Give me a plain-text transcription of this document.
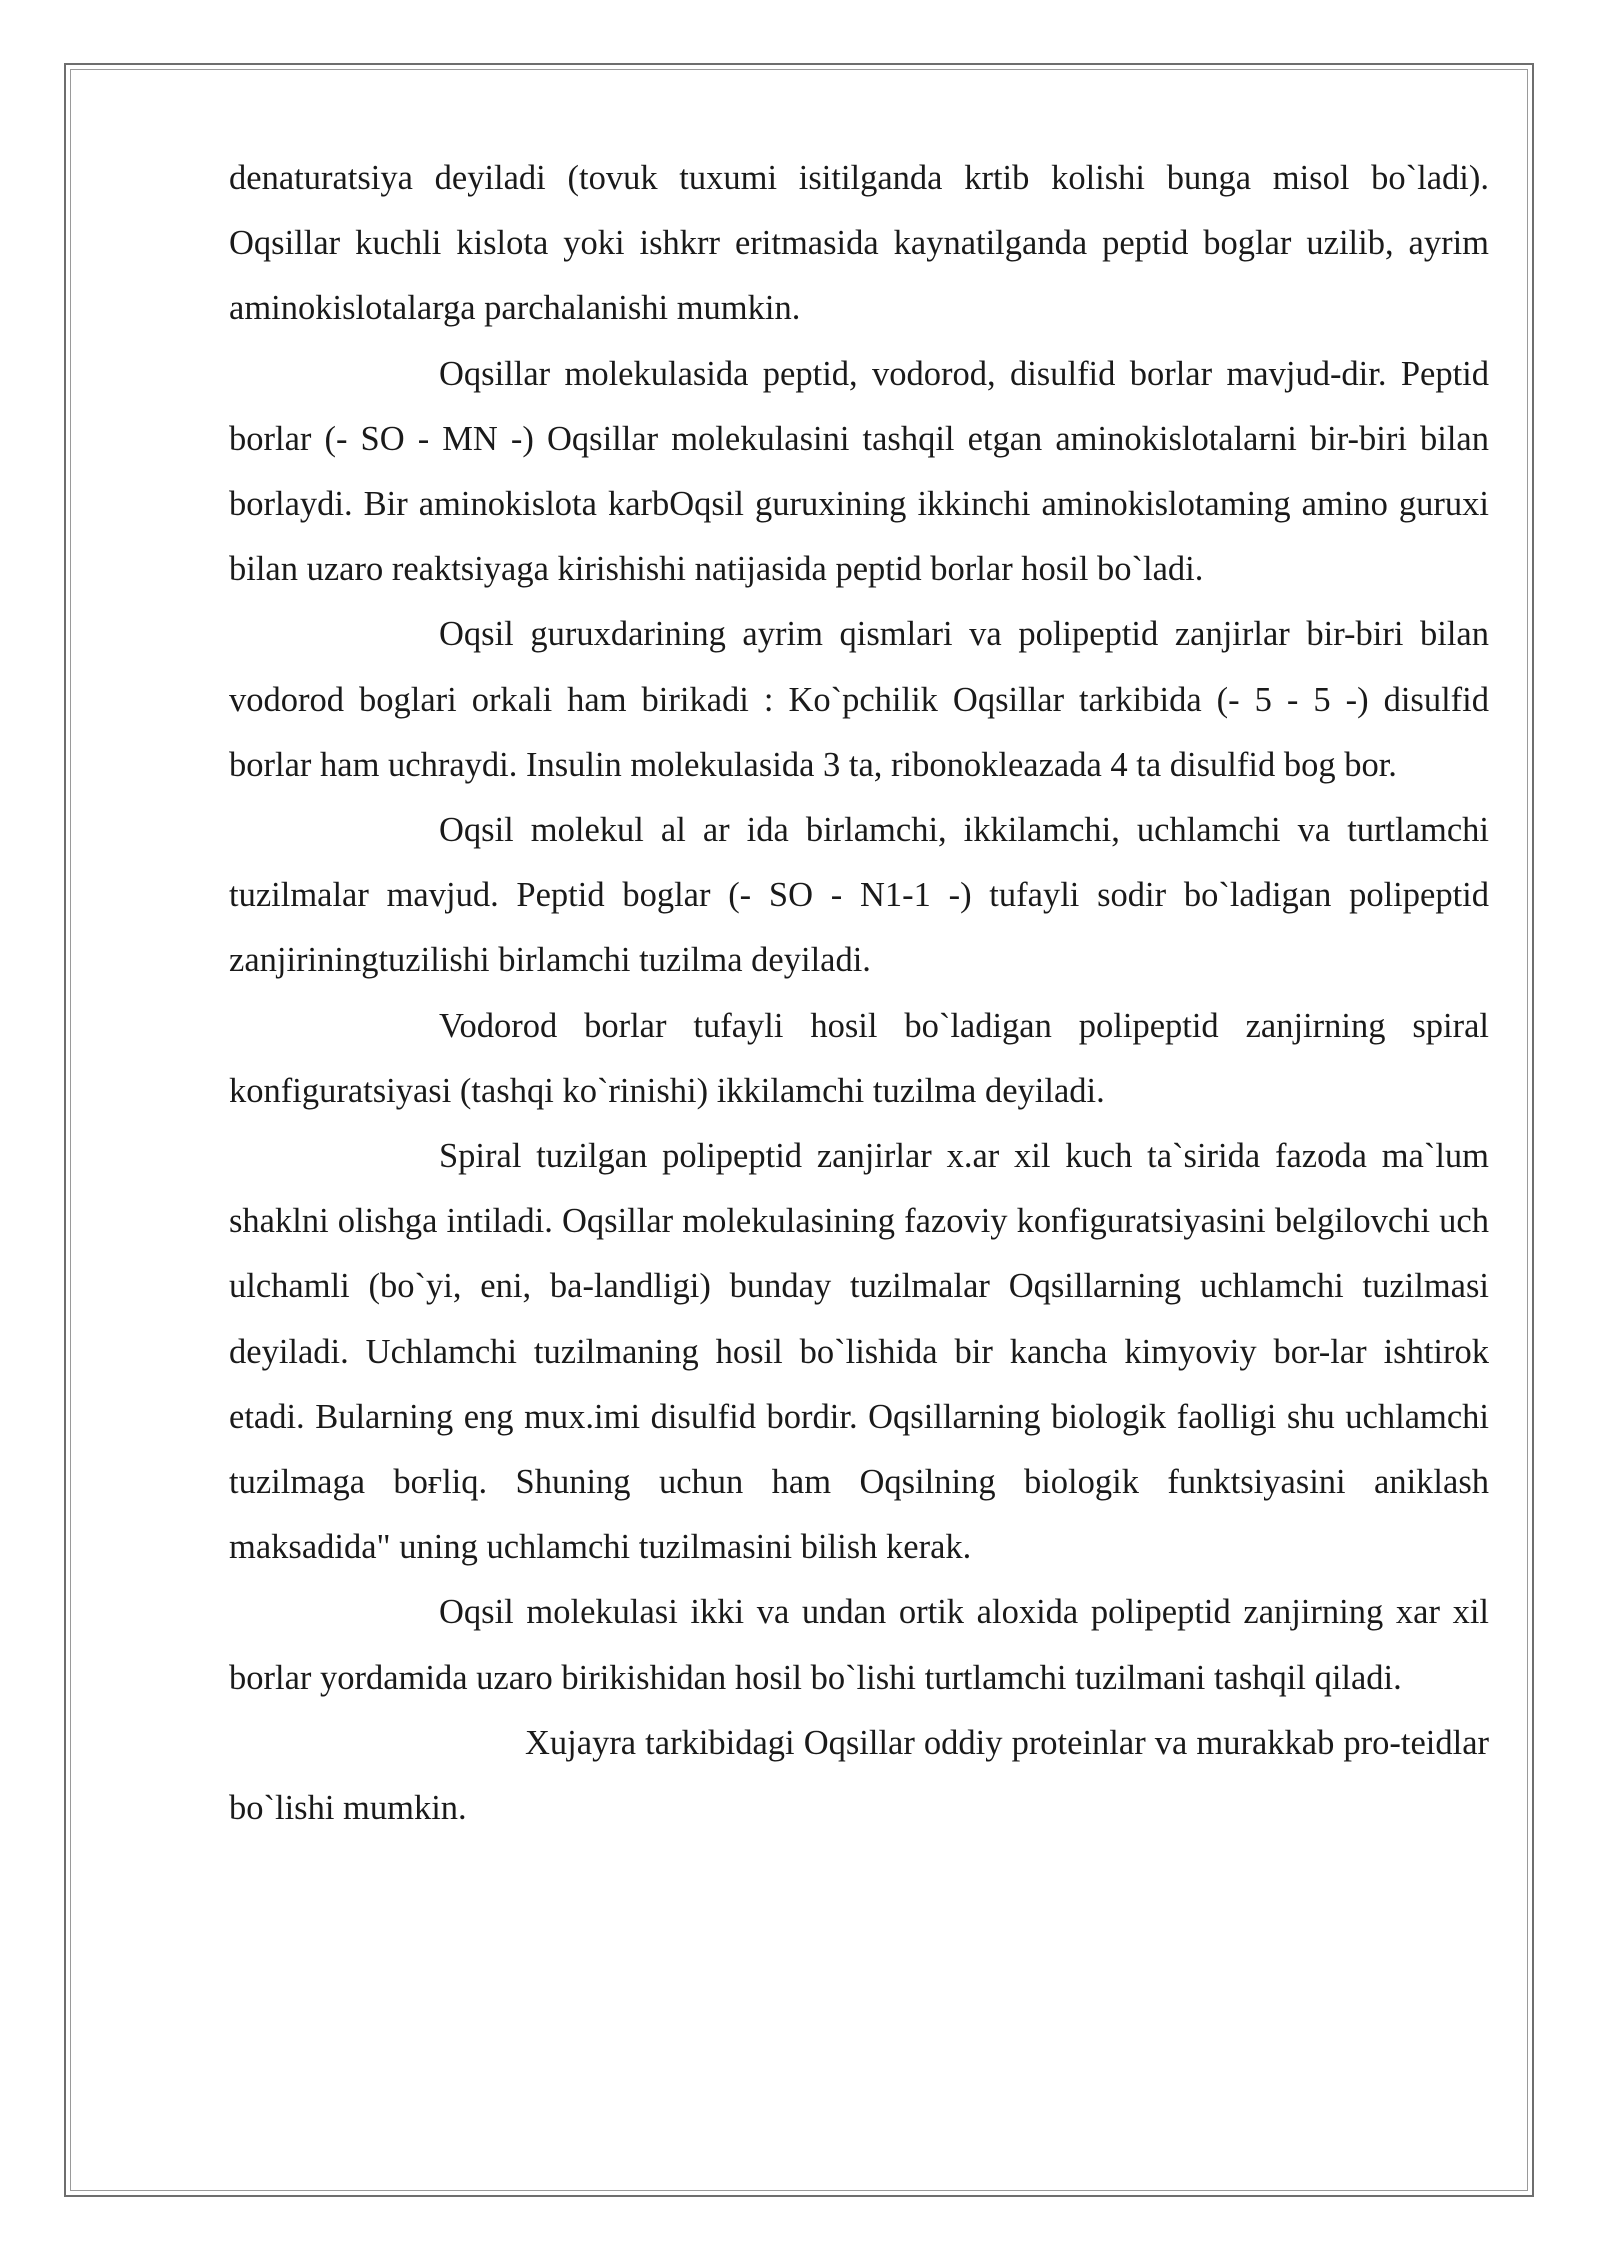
denaturatsiya deyiladi (tovuk tuxumi isitilganda krtib kolishi bunga misol bo`ladi). Oqsillar kuchli kislota yoki ishkrr eritmasida kaynatilganda peptid boglar uzilib, ayrim aminokislotalarga parchalanishi mumkin.

Oqsillar molekulasida peptid, vodorod, disulfid borlar mavjud-dir. Peptid borlar (- SO - MN -) Oqsillar molekulasini tashqil etgan aminokislotalarni bir-biri bilan borlaydi. Bir aminokislota karbOqsil guruxining ikkinchi aminokislotaming amino guruxi bilan uzaro reaktsiyaga kirishishi natijasida peptid borlar hosil bo`ladi.

Oqsil guruxdarining ayrim qismlari va polipeptid zanjirlar bir-biri bilan vodorod boglari orkali ham birikadi : Ko`pchilik Oqsillar tarkibida (- 5 - 5 -) disulfid borlar ham uchraydi. Insulin molekulasida 3 ta, ribonokleazada 4 ta disulfid bog bor.

Oqsil molekul al ar ida birlamchi, ikkilamchi, uchlamchi va turtlamchi tuzilmalar mavjud. Peptid boglar (- SO - N1-1 -) tufayli sodir bo`ladigan polipeptid zanjiriningtuzilishi birlamchi tuzilma deyiladi.

Vodorod borlar tufayli hosil bo`ladigan polipeptid zanjirning spiral konfiguratsiyasi (tashqi ko`rinishi) ikkilamchi tuzilma deyiladi.

Spiral tuzilgan polipeptid zanjirlar x.ar xil kuch ta`sirida fazoda ma`lum shaklni olishga intiladi. Oqsillar molekulasining fazoviy konfiguratsiyasini belgilovchi uch ulchamli (bo`yi, eni, ba-landligi) bunday tuzilmalar Oqsillarning uchlamchi tuzilmasi deyiladi. Uchlamchi tuzilmaning hosil bo`lishida bir kancha kimyoviy bor-lar ishtirok etadi. Bularning eng mux.imi disulfid bordir. Oqsillarning biologik faolligi shu uchlamchi tuzilmaga boғliq. Shuning uchun ham Oqsilning biologik funktsiyasini aniklash maksadida" uning uchlamchi tuzilmasini bilish kerak.

Oqsil molekulasi ikki va undan ortik aloxida polipeptid zanjirning xar xil borlar yordamida uzaro birikishidan hosil bo`lishi turtlamchi tuzilmani tashqil qiladi.

Xujayra tarkibidagi Oqsillar oddiy proteinlar va murakkab pro-teidlar bo`lishi mumkin.
